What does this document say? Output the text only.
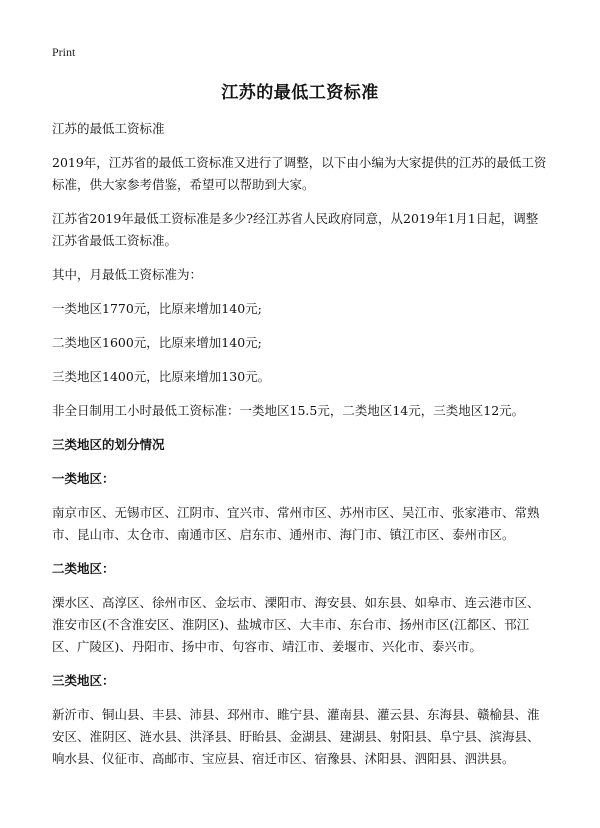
Print
江苏的最低工资标准

江苏的最低工资标准

2019年，江苏省的最低工资标准又进行了调整，以下由小编为大家提供的江苏的最低工资标准，供大家参考借鉴，希望可以帮助到大家。

江苏省2019年最低工资标准是多少?经江苏省人民政府同意，从2019年1月1日起，调整江苏省最低工资标准。

其中，月最低工资标准为：

一类地区1770元，比原来增加140元;

二类地区1600元，比原来增加140元;

三类地区1400元，比原来增加130元。

非全日制用工小时最低工资标准：一类地区15.5元，二类地区14元，三类地区12元。

三类地区的划分情况
一类地区：
南京市区、无锡市区、江阴市、宜兴市、常州市区、苏州市区、吴江市、张家港市、常熟市、昆山市、太仓市、南通市区、启东市、通州市、海门市、镇江市区、泰州市区。
二类地区：
溧水区、高淳区、徐州市区、金坛市、溧阳市、海安县、如东县、如皋市、连云港市区、淮安市区(不含淮安区、淮阴区)、盐城市区、大丰市、东台市、扬州市区(江都区、邗江区、广陵区)、丹阳市、扬中市、句容市、靖江市、姜堰市、兴化市、泰兴市。
三类地区：
新沂市、铜山县、丰县、沛县、邳州市、睢宁县、灌南县、灌云县、东海县、赣榆县、淮安区、淮阴区、涟水县、洪泽县、盱眙县、金湖县、建湖县、射阳县、阜宁县、滨海县、响水县、仪征市、高邮市、宝应县、宿迁市区、宿豫县、沭阳县、泗阳县、泗洪县。
